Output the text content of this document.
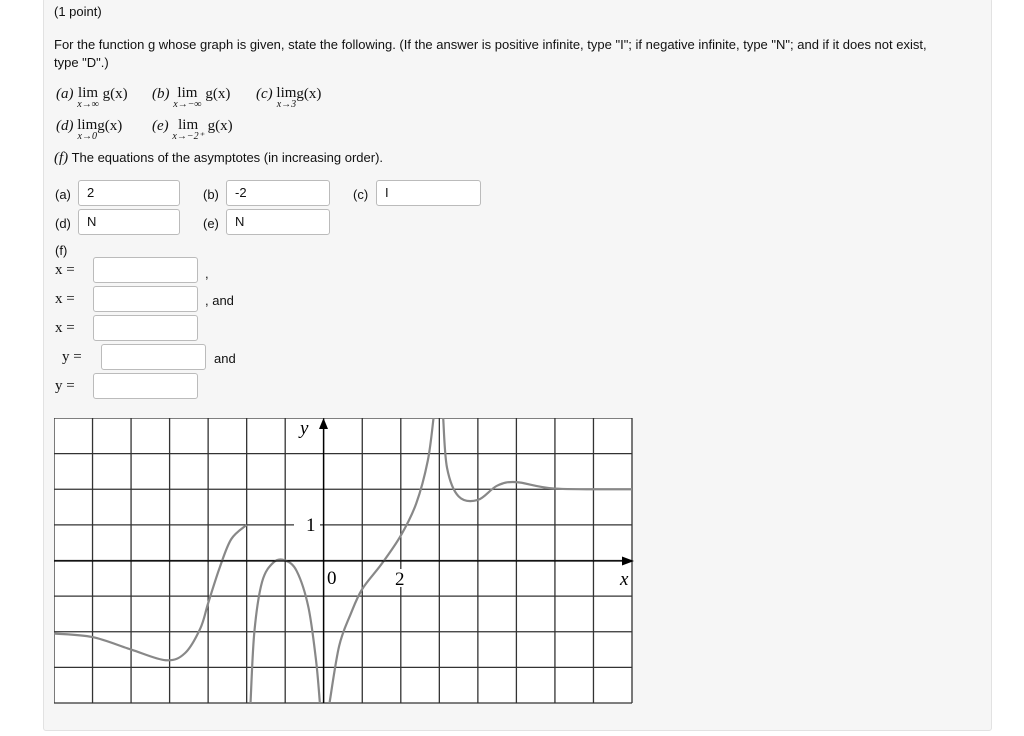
(1 point)
For the function g whose graph is given, state the following. (If the answer is positive infinite, type "I"; if negative infinite, type "N"; and if it does not exist,
type "D".)
(a) lim
x→∞
g(x) (b) lim
x→−∞
g(x) (c) lim
x→3
g(x)
(d) lim
x→0
g(x) (e) lim
x→−2⁺
g(x)
(f) The equations of the asymptotes (in increasing order).
(a)	2	(b)	-2	(c)	I
(d)	N	(e)	N
(f)
x =	,
x =	, and
x =
y =	and
y =
1
0	2
y
x
